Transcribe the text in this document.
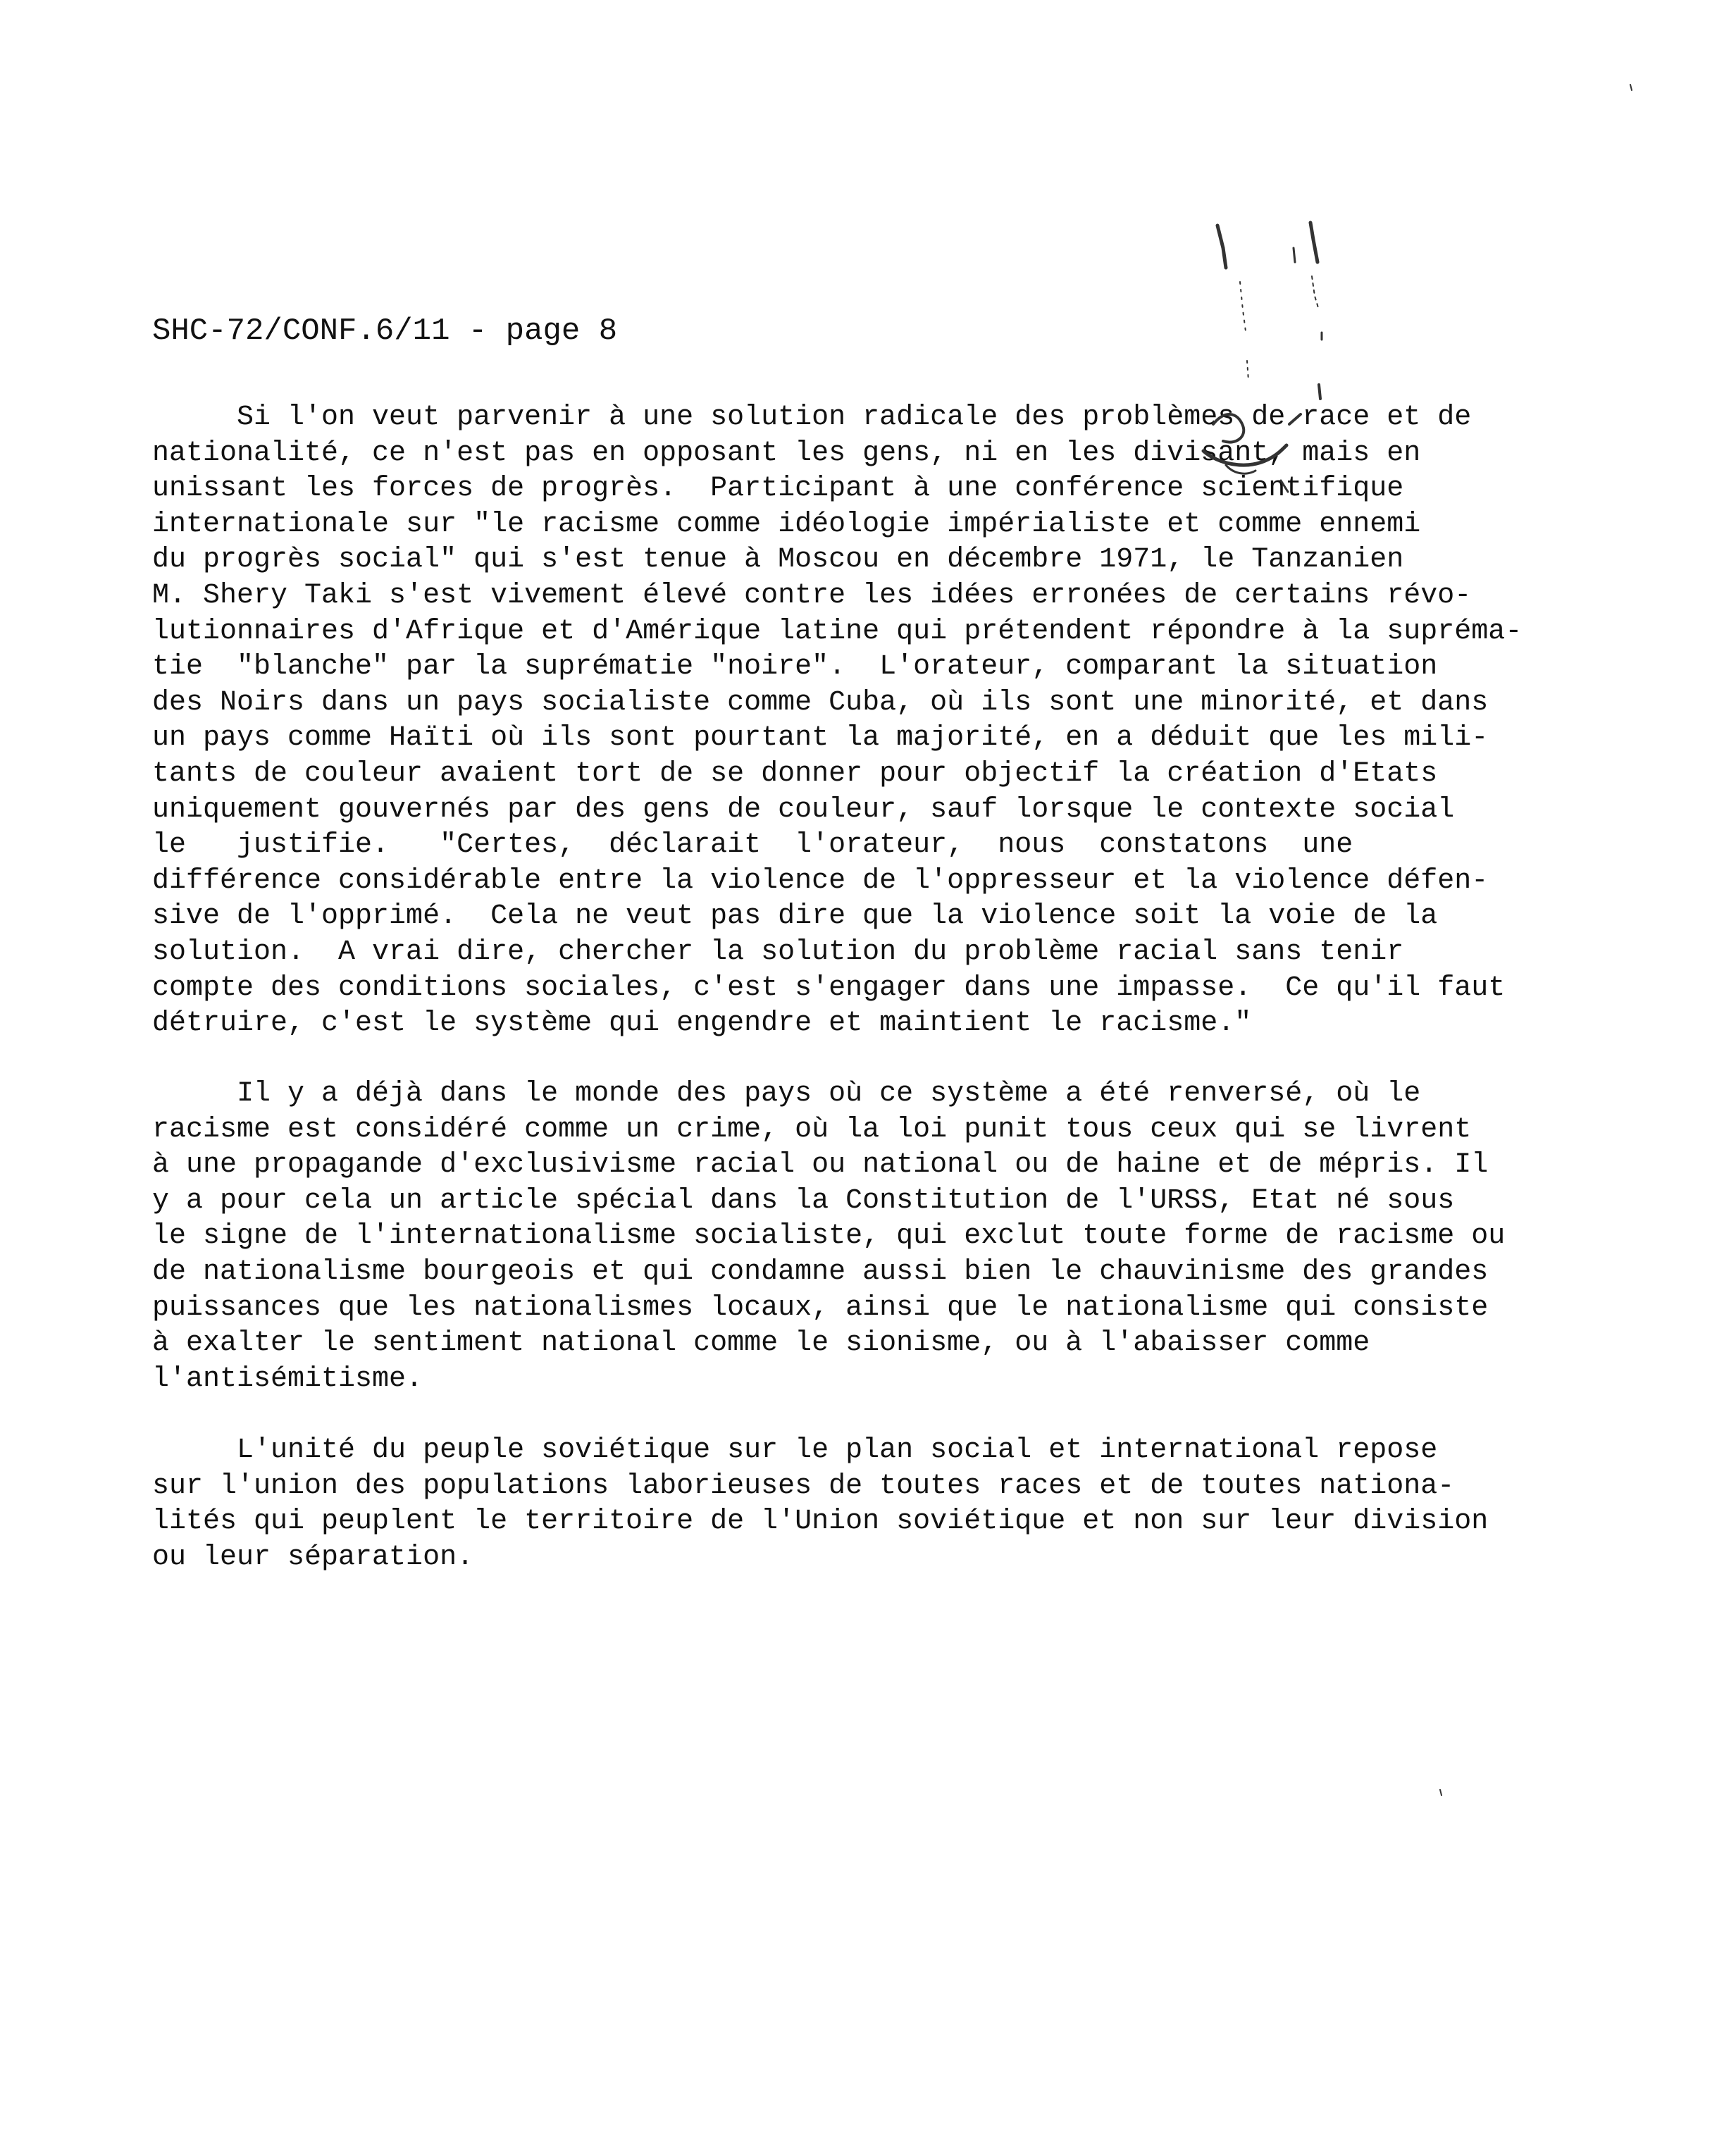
SHC-72/CONF.6/11 - page 8

Si l'on veut parvenir à une solution radicale des problèmes de race et de
nationalité, ce n'est pas en opposant les gens, ni en les divisant, mais en
unissant les forces de progrès.  Participant à une conférence scientifique
internationale sur "le racisme comme idéologie impérialiste et comme ennemi
du progrès social" qui s'est tenue à Moscou en décembre 1971, le Tanzanien
M. Shery Taki s'est vivement élevé contre les idées erronées de certains révo-
lutionnaires d'Afrique et d'Amérique latine qui prétendent répondre à la supréma-
tie  "blanche" par la suprématie "noire".  L'orateur, comparant la situation
des Noirs dans un pays socialiste comme Cuba, où ils sont une minorité, et dans
un pays comme Haïti où ils sont pourtant la majorité, en a déduit que les mili-
tants de couleur avaient tort de se donner pour objectif la création d'Etats
uniquement gouvernés par des gens de couleur, sauf lorsque le contexte social
le   justifie.   "Certes,  déclarait  l'orateur,  nous  constatons  une
différence considérable entre la violence de l'oppresseur et la violence défen-
sive de l'opprimé.  Cela ne veut pas dire que la violence soit la voie de la
solution.  A vrai dire, chercher la solution du problème racial sans tenir
compte des conditions sociales, c'est s'engager dans une impasse.  Ce qu'il faut
détruire, c'est le système qui engendre et maintient le racisme."

Il y a déjà dans le monde des pays où ce système a été renversé, où le
racisme est considéré comme un crime, où la loi punit tous ceux qui se livrent
à une propagande d'exclusivisme racial ou national ou de haine et de mépris. Il
y a pour cela un article spécial dans la Constitution de l'URSS, Etat né sous
le signe de l'internationalisme socialiste, qui exclut toute forme de racisme ou
de nationalisme bourgeois et qui condamne aussi bien le chauvinisme des grandes
puissances que les nationalismes locaux, ainsi que le nationalisme qui consiste
à exalter le sentiment national comme le sionisme, ou à l'abaisser comme
l'antisémitisme.

L'unité du peuple soviétique sur le plan social et international repose
sur l'union des populations laborieuses de toutes races et de toutes nationa-
lités qui peuplent le territoire de l'Union soviétique et non sur leur division
ou leur séparation.
